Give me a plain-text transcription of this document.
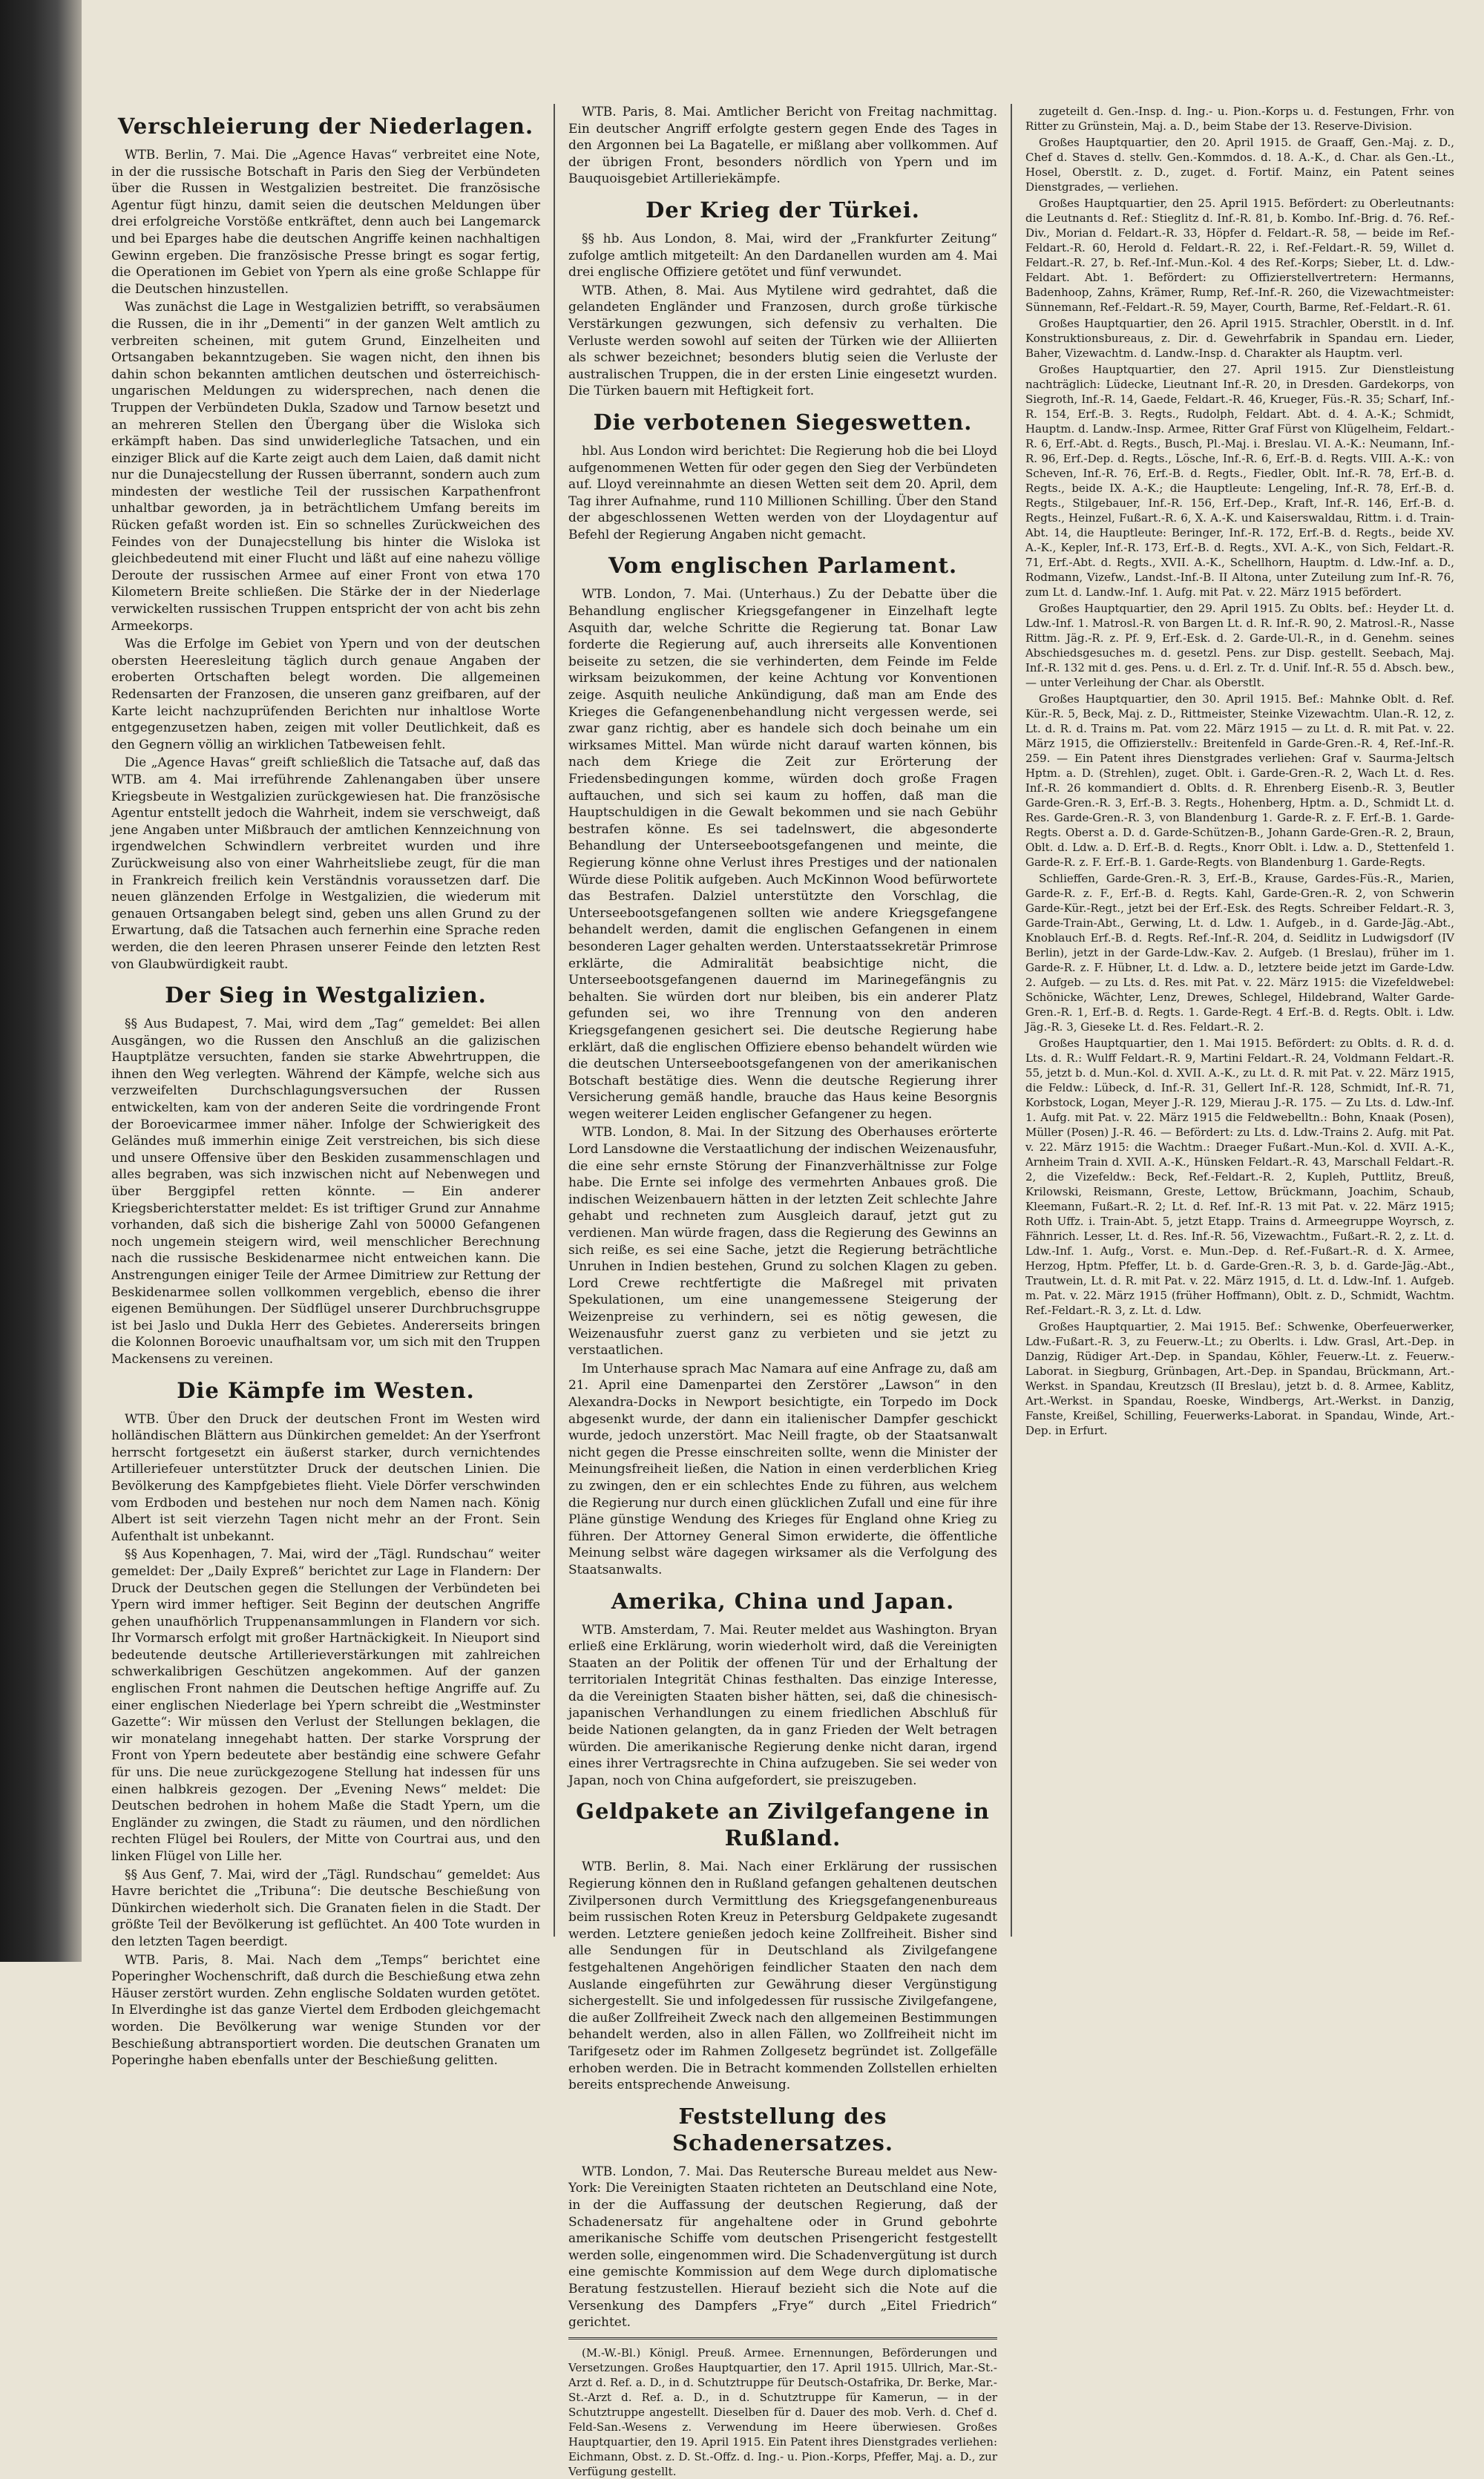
Verschleierung der Niederlagen.

WTB. Berlin, 7. Mai. Die „Agence Havas“ verbreitet eine Note, in der die russische Botschaft in Paris den Sieg der Verbündeten über die Russen in Westgalizien bestreitet. Die französische Agentur fügt hinzu, damit seien die deutschen Meldungen über drei erfolgreiche Vorstöße entkräftet, denn auch bei Langemarck und bei Eparges habe die deutschen Angriffe keinen nachhaltigen Gewinn ergeben. Die französische Presse bringt es sogar fertig, die Operationen im Gebiet von Ypern als eine große Schlappe für die Deutschen hinzustellen.

Was zunächst die Lage in Westgalizien betrifft, so verabsäumen die Russen, die in ihr „Dementi“ in der ganzen Welt amtlich zu verbreiten scheinen, mit gutem Grund, Einzelheiten und Ortsangaben bekanntzugeben. Sie wagen nicht, den ihnen bis dahin schon bekannten amtlichen deutschen und österreichisch-ungarischen Meldungen zu widersprechen, nach denen die Truppen der Verbündeten Dukla, Szadow und Tarnow besetzt und an mehreren Stellen den Übergang über die Wisloka sich erkämpft haben. Das sind unwiderlegliche Tatsachen, und ein einziger Blick auf die Karte zeigt auch dem Laien, daß damit nicht nur die Dunajecstellung der Russen überrannt, sondern auch zum mindesten der westliche Teil der russischen Karpathenfront unhaltbar geworden, ja in beträchtlichem Umfang bereits im Rücken gefaßt worden ist. Ein so schnelles Zurückweichen des Feindes von der Dunajecstellung bis hinter die Wisloka ist gleichbedeutend mit einer Flucht und läßt auf eine nahezu völlige Deroute der russischen Armee auf einer Front von etwa 170 Kilometern Breite schließen. Die Stärke der in der Niederlage verwickelten russischen Truppen entspricht der von acht bis zehn Armeekorps.

Was die Erfolge im Gebiet von Ypern und von der deutschen obersten Heeresleitung täglich durch genaue Angaben der eroberten Ortschaften belegt worden. Die allgemeinen Redensarten der Franzosen, die unseren ganz greifbaren, auf der Karte leicht nachzuprüfenden Berichten nur inhaltlose Worte entgegenzusetzen haben, zeigen mit voller Deutlichkeit, daß es den Gegnern völlig an wirklichen Tatbeweisen fehlt.

Die „Agence Havas“ greift schließlich die Tatsache auf, daß das WTB. am 4. Mai irreführende Zahlenangaben über unsere Kriegsbeute in Westgalizien zurückgewiesen hat. Die französische Agentur entstellt jedoch die Wahrheit, indem sie verschweigt, daß jene Angaben unter Mißbrauch der amtlichen Kennzeichnung von irgendwelchen Schwindlern verbreitet wurden und ihre Zurückweisung also von einer Wahrheitsliebe zeugt, für die man in Frankreich freilich kein Verständnis voraussetzen darf. Die neuen glänzenden Erfolge in Westgalizien, die wiederum mit genauen Ortsangaben belegt sind, geben uns allen Grund zu der Erwartung, daß die Tatsachen auch fernerhin eine Sprache reden werden, die den leeren Phrasen unserer Feinde den letzten Rest von Glaubwürdigkeit raubt.

Der Sieg in Westgalizien.

§§ Aus Budapest, 7. Mai, wird dem „Tag“ gemeldet: Bei allen Ausgängen, wo die Russen den Anschluß an die galizischen Hauptplätze versuchten, fanden sie starke Abwehrtruppen, die ihnen den Weg verlegten. Während der Kämpfe, welche sich aus verzweifelten Durchschlagungsversuchen der Russen entwickelten, kam von der anderen Seite die vordringende Front der Boroevicarmee immer näher. Infolge der Schwierigkeit des Geländes muß immerhin einige Zeit verstreichen, bis sich diese und unsere Offensive über den Beskiden zusammenschlagen und alles begraben, was sich inzwischen nicht auf Nebenwegen und über Berggipfel retten könnte. — Ein anderer Kriegsberichterstatter meldet: Es ist triftiger Grund zur Annahme vorhanden, daß sich die bisherige Zahl von 50000 Gefangenen noch ungemein steigern wird, weil menschlicher Berechnung nach die russische Beskidenarmee nicht entweichen kann. Die Anstrengungen einiger Teile der Armee Dimitriew zur Rettung der Beskidenarmee sollen vollkommen vergeblich, ebenso die ihrer eigenen Bemühungen. Der Südflügel unserer Durchbruchsgruppe ist bei Jaslo und Dukla Herr des Gebietes. Andererseits bringen die Kolonnen Boroevic unaufhaltsam vor, um sich mit den Truppen Mackensens zu vereinen.

Die Kämpfe im Westen.

WTB. Über den Druck der deutschen Front im Westen wird holländischen Blättern aus Dünkirchen gemeldet: An der Yserfront herrscht fortgesetzt ein äußerst starker, durch vernichtendes Artilleriefeuer unterstützter Druck der deutschen Linien. Die Bevölkerung des Kampfgebietes flieht. Viele Dörfer verschwinden vom Erdboden und bestehen nur noch dem Namen nach. König Albert ist seit vierzehn Tagen nicht mehr an der Front. Sein Aufenthalt ist unbekannt.

§§ Aus Kopenhagen, 7. Mai, wird der „Tägl. Rundschau“ weiter gemeldet: Der „Daily Expreß“ berichtet zur Lage in Flandern: Der Druck der Deutschen gegen die Stellungen der Verbündeten bei Ypern wird immer heftiger. Seit Beginn der deutschen Angriffe gehen unaufhörlich Truppenansammlungen in Flandern vor sich. Ihr Vormarsch erfolgt mit großer Hartnäckigkeit. In Nieuport sind bedeutende deutsche Artillerieverstärkungen mit zahlreichen schwerkalibrigen Geschützen angekommen. Auf der ganzen englischen Front nahmen die Deutschen heftige Angriffe auf. Zu einer englischen Niederlage bei Ypern schreibt die „Westminster Gazette“: Wir müssen den Verlust der Stellungen beklagen, die wir monatelang innegehabt hatten. Der starke Vorsprung der Front von Ypern bedeutete aber beständig eine schwere Gefahr für uns. Die neue zurückgezogene Stellung hat indessen für uns einen halbkreis gezogen. Der „Evening News“ meldet: Die Deutschen bedrohen in hohem Maße die Stadt Ypern, um die Engländer zu zwingen, die Stadt zu räumen, und den nördlichen rechten Flügel bei Roulers, der Mitte von Courtrai aus, und den linken Flügel von Lille her.

§§ Aus Genf, 7. Mai, wird der „Tägl. Rundschau“ gemeldet: Aus Havre berichtet die „Tribuna“: Die deutsche Beschießung von Dünkirchen wiederholt sich. Die Granaten fielen in die Stadt. Der größte Teil der Bevölkerung ist geflüchtet. An 400 Tote wurden in den letzten Tagen beerdigt.

WTB. Paris, 8. Mai. Nach dem „Temps“ berichtet eine Poperingher Wochenschrift, daß durch die Beschießung etwa zehn Häuser zerstört wurden. Zehn englische Soldaten wurden getötet. In Elverdinghe ist das ganze Viertel dem Erdboden gleichgemacht worden. Die Bevölkerung war wenige Stunden vor der Beschießung abtransportiert worden. Die deutschen Granaten um Poperinghe haben ebenfalls unter der Beschießung gelitten.

WTB. Paris, 8. Mai. Amtlicher Bericht von Freitag nachmittag. Ein deutscher Angriff erfolgte gestern gegen Ende des Tages in den Argonnen bei La Bagatelle, er mißlang aber vollkommen. Auf der übrigen Front, besonders nördlich von Ypern und im Bauquoisgebiet Artilleriekämpfe.

Der Krieg der Türkei.

§§ hb. Aus London, 8. Mai, wird der „Frankfurter Zeitung“ zufolge amtlich mitgeteilt: An den Dardanellen wurden am 4. Mai drei englische Offiziere getötet und fünf verwundet.

WTB. Athen, 8. Mai. Aus Mytilene wird gedrahtet, daß die gelandeten Engländer und Franzosen, durch große türkische Verstärkungen gezwungen, sich defensiv zu verhalten. Die Verluste werden sowohl auf seiten der Türken wie der Alliierten als schwer bezeichnet; besonders blutig seien die Verluste der australischen Truppen, die in der ersten Linie eingesetzt wurden. Die Türken bauern mit Heftigkeit fort.

Die verbotenen Siegeswetten.

hbl. Aus London wird berichtet: Die Regierung hob die bei Lloyd aufgenommenen Wetten für oder gegen den Sieg der Verbündeten auf. Lloyd vereinnahmte an diesen Wetten seit dem 20. April, dem Tag ihrer Aufnahme, rund 110 Millionen Schilling. Über den Stand der abgeschlossenen Wetten werden von der Lloydagentur auf Befehl der Regierung Angaben nicht gemacht.

Vom englischen Parlament.

WTB. London, 7. Mai. (Unterhaus.) Zu der Debatte über die Behandlung englischer Kriegsgefangener in Einzelhaft legte Asquith dar, welche Schritte die Regierung tat. Bonar Law forderte die Regierung auf, auch ihrerseits alle Konventionen beiseite zu setzen, die sie verhinderten, dem Feinde im Felde wirksam beizukommen, der keine Achtung vor Konventionen zeige. Asquith neuliche Ankündigung, daß man am Ende des Krieges die Gefangenenbehandlung nicht vergessen werde, sei zwar ganz richtig, aber es handele sich doch beinahe um ein wirksames Mittel. Man würde nicht darauf warten können, bis nach dem Kriege die Zeit zur Erörterung der Friedensbedingungen komme, würden doch große Fragen auftauchen, und sich sei kaum zu hoffen, daß man die Hauptschuldigen in die Gewalt bekommen und sie nach Gebühr bestrafen könne. Es sei tadelnswert, die abgesonderte Behandlung der Unterseebootsgefangenen und meinte, die Regierung könne ohne Verlust ihres Prestiges und der nationalen Würde diese Politik aufgeben. Auch McKinnon Wood befürwortete das Bestrafen. Dalziel unterstützte den Vorschlag, die Unterseebootsgefangenen sollten wie andere Kriegsgefangene behandelt werden, damit die englischen Gefangenen in einem besonderen Lager gehalten werden. Unterstaatssekretär Primrose erklärte, die Admiralität beabsichtige nicht, die Unterseebootsgefangenen dauernd im Marinegefängnis zu behalten. Sie würden dort nur bleiben, bis ein anderer Platz gefunden sei, wo ihre Trennung von den anderen Kriegsgefangenen gesichert sei. Die deutsche Regierung habe erklärt, daß die englischen Offiziere ebenso behandelt würden wie die deutschen Unterseebootsgefangenen von der amerikanischen Botschaft bestätige dies. Wenn die deutsche Regierung ihrer Versicherung gemäß handle, brauche das Haus keine Besorgnis wegen weiterer Leiden englischer Gefangener zu hegen.

WTB. London, 8. Mai. In der Sitzung des Oberhauses erörterte Lord Lansdowne die Verstaatlichung der indischen Weizenausfuhr, die eine sehr ernste Störung der Finanzverhältnisse zur Folge habe. Die Ernte sei infolge des vermehrten Anbaues groß. Die indischen Weizenbauern hätten in der letzten Zeit schlechte Jahre gehabt und rechneten zum Ausgleich darauf, jetzt gut zu verdienen. Man würde fragen, dass die Regierung des Gewinns an sich reiße, es sei eine Sache, jetzt die Regierung beträchtliche Unruhen in Indien bestehen, Grund zu solchen Klagen zu geben. Lord Crewe rechtfertigte die Maßregel mit privaten Spekulationen, um eine unangemessene Steigerung der Weizenpreise zu verhindern, sei es nötig gewesen, die Weizenausfuhr zuerst ganz zu verbieten und sie jetzt zu verstaatlichen.

Im Unterhause sprach Mac Namara auf eine Anfrage zu, daß am 21. April eine Damenpartei den Zerstörer „Lawson“ in den Alexandra-Docks in Newport besichtigte, ein Torpedo im Dock abgesenkt wurde, der dann ein italienischer Dampfer geschickt wurde, jedoch unzerstört. Mac Neill fragte, ob der Staatsanwalt nicht gegen die Presse einschreiten sollte, wenn die Minister der Meinungsfreiheit ließen, die Nation in einen verderblichen Krieg zu zwingen, den er ein schlechtes Ende zu führen, aus welchem die Regierung nur durch einen glücklichen Zufall und eine für ihre Pläne günstige Wendung des Krieges für England ohne Krieg zu führen. Der Attorney General Simon erwiderte, die öffentliche Meinung selbst wäre dagegen wirksamer als die Verfolgung des Staatsanwalts.

Amerika, China und Japan.

WTB. Amsterdam, 7. Mai. Reuter meldet aus Washington. Bryan erließ eine Erklärung, worin wiederholt wird, daß die Vereinigten Staaten an der Politik der offenen Tür und der Erhaltung der territorialen Integrität Chinas festhalten. Das einzige Interesse, da die Vereinigten Staaten bisher hätten, sei, daß die chinesisch-japanischen Verhandlungen zu einem friedlichen Abschluß für beide Nationen gelangten, da in ganz Frieden der Welt betragen würden. Die amerikanische Regierung denke nicht daran, irgend eines ihrer Vertragsrechte in China aufzugeben. Sie sei weder von Japan, noch von China aufgefordert, sie preiszugeben.

Geldpakete an Zivilgefangene in Rußland.

WTB. Berlin, 8. Mai. Nach einer Erklärung der russischen Regierung können den in Rußland gefangen gehaltenen deutschen Zivilpersonen durch Vermittlung des Kriegsgefangenenbureaus beim russischen Roten Kreuz in Petersburg Geldpakete zugesandt werden. Letztere genießen jedoch keine Zollfreiheit. Bisher sind alle Sendungen für in Deutschland als Zivilgefangene festgehaltenen Angehörigen feindlicher Staaten den nach dem Auslande eingeführten zur Gewährung dieser Vergünstigung sichergestellt. Sie und infolgedessen für russische Zivilgefangene, die außer Zollfreiheit Zweck nach den allgemeinen Bestimmungen behandelt werden, also in allen Fällen, wo Zollfreiheit nicht im Tarifgesetz oder im Rahmen Zollgesetz begründet ist. Zollgefälle erhoben werden. Die in Betracht kommenden Zollstellen erhielten bereits entsprechende Anweisung.

Feststellung des Schadenersatzes.

WTB. London, 7. Mai. Das Reutersche Bureau meldet aus New-York: Die Vereinigten Staaten richteten an Deutschland eine Note, in der die Auffassung der deutschen Regierung, daß der Schadenersatz für angehaltene oder in Grund gebohrte amerikanische Schiffe vom deutschen Prisengericht festgestellt werden solle, eingenommen wird. Die Schadenvergütung ist durch eine gemischte Kommission auf dem Wege durch diplomatische Beratung festzustellen. Hierauf bezieht sich die Note auf die Versenkung des Dampfers „Frye“ durch „Eitel Friedrich“ gerichtet.

(M.-W.-Bl.) Königl. Preuß. Armee. Ernennungen, Beförderungen und Versetzungen. Großes Hauptquartier, den 17. April 1915. Ullrich, Mar.-St.-Arzt d. Ref. a. D., in d. Schutztruppe für Deutsch-Ostafrika, Dr. Berke, Mar.-St.-Arzt d. Ref. a. D., in d. Schutztruppe für Kamerun, — in der Schutztruppe angestellt. Dieselben für d. Dauer des mob. Verh. d. Chef d. Feld-San.-Wesens z. Verwendung im Heere überwiesen. Großes Hauptquartier, den 19. April 1915. Ein Patent ihres Dienstgrades verliehen: Eichmann, Obst. z. D. St.-Offz. d. Ing.- u. Pion.-Korps, Pfeffer, Maj. a. D., zur Verfügung gestellt.

zugeteilt d. Gen.-Insp. d. Ing.- u. Pion.-Korps u. d. Festungen, Frhr. von Ritter zu Grünstein, Maj. a. D., beim Stabe der 13. Reserve-Division.

Großes Hauptquartier, den 20. April 1915. de Graaff, Gen.-Maj. z. D., Chef d. Staves d. stellv. Gen.-Kommdos. d. 18. A.-K., d. Char. als Gen.-Lt., Hosel, Oberstlt. z. D., zuget. d. Fortif. Mainz, ein Patent seines Dienstgrades, — verliehen.

Großes Hauptquartier, den 25. April 1915. Befördert: zu Oberleutnants: die Leutnants d. Ref.: Stieglitz d. Inf.-R. 81, b. Kombo. Inf.-Brig. d. 76. Ref.-Div., Morian d. Feldart.-R. 33, Höpfer d. Feldart.-R. 58, — beide im Ref.-Feldart.-R. 60, Herold d. Feldart.-R. 22, i. Ref.-Feldart.-R. 59, Willet d. Feldart.-R. 27, b. Ref.-Inf.-Mun.-Kol. 4 des Ref.-Korps; Sieber, Lt. d. Ldw.-Feldart. Abt. 1. Befördert: zu Offizierstellvertretern: Hermanns, Badenhoop, Zahns, Krämer, Rump, Ref.-Inf.-R. 260, die Vizewachtmeister: Sünnemann, Ref.-Feldart.-R. 59, Mayer, Courth, Barme, Ref.-Feldart.-R. 61.

Großes Hauptquartier, den 26. April 1915. Strachler, Oberstlt. in d. Inf. Konstruktionsbureaus, z. Dir. d. Gewehrfabrik in Spandau ern. Lieder, Baher, Vizewachtm. d. Landw.-Insp. d. Charakter als Hauptm. verl.

Großes Hauptquartier, den 27. April 1915. Zur Dienstleistung nachträglich: Lüdecke, Lieutnant Inf.-R. 20, in Dresden. Gardekorps, von Siegroth, Inf.-R. 14, Gaede, Feldart.-R. 46, Krueger, Füs.-R. 35; Scharf, Inf.-R. 154, Erf.-B. 3. Regts., Rudolph, Feldart. Abt. d. 4. A.-K.; Schmidt, Hauptm. d. Landw.-Insp. Armee, Ritter Graf Fürst von Klügelheim, Feldart.-R. 6, Erf.-Abt. d. Regts., Busch, Pl.-Maj. i. Breslau. VI. A.-K.: Neumann, Inf.-R. 96, Erf.-Dep. d. Regts., Lösche, Inf.-R. 6, Erf.-B. d. Regts. VIII. A.-K.: von Scheven, Inf.-R. 76, Erf.-B. d. Regts., Fiedler, Oblt. Inf.-R. 78, Erf.-B. d. Regts., beide IX. A.-K.; die Hauptleute: Lengeling, Inf.-R. 78, Erf.-B. d. Regts., Stilgebauer, Inf.-R. 156, Erf.-Dep., Kraft, Inf.-R. 146, Erf.-B. d. Regts., Heinzel, Fußart.-R. 6, X. A.-K. und Kaiserswaldau, Rittm. i. d. Train-Abt. 14, die Hauptleute: Beringer, Inf.-R. 172, Erf.-B. d. Regts., beide XV. A.-K., Kepler, Inf.-R. 173, Erf.-B. d. Regts., XVI. A.-K., von Sich, Feldart.-R. 71, Erf.-Abt. d. Regts., XVII. A.-K., Schellhorn, Hauptm. d. Ldw.-Inf. a. D., Rodmann, Vizefw., Landst.-Inf.-B. II Altona, unter Zuteilung zum Inf.-R. 76, zum Lt. d. Landw.-Inf. 1. Aufg. mit Pat. v. 22. März 1915 befördert.

Großes Hauptquartier, den 29. April 1915. Zu Oblts. bef.: Heyder Lt. d. Ldw.-Inf. 1. Matrosl.-R. von Bargen Lt. d. R. Inf.-R. 90, 2. Matrosl.-R., Nasse Rittm. Jäg.-R. z. Pf. 9, Erf.-Esk. d. 2. Garde-Ul.-R., in d. Genehm. seines Abschiedsgesuches m. d. gesetzl. Pens. zur Disp. gestellt. Seebach, Maj. Inf.-R. 132 mit d. ges. Pens. u. d. Erl. z. Tr. d. Unif. Inf.-R. 55 d. Absch. bew., — unter Verleihung der Char. als Oberstlt.

Großes Hauptquartier, den 30. April 1915. Bef.: Mahnke Oblt. d. Ref. Kür.-R. 5, Beck, Maj. z. D., Rittmeister, Steinke Vizewachtm. Ulan.-R. 12, z. Lt. d. R. d. Trains m. Pat. vom 22. März 1915 — zu Lt. d. R. mit Pat. v. 22. März 1915, die Offizierstellv.: Breitenfeld in Garde-Gren.-R. 4, Ref.-Inf.-R. 259. — Ein Patent ihres Dienstgrades verliehen: Graf v. Saurma-Jeltsch Hptm. a. D. (Strehlen), zuget. Oblt. i. Garde-Gren.-R. 2, Wach Lt. d. Res. Inf.-R. 26 kommandiert d. Oblts. d. R. Ehrenberg Eisenb.-R. 3, Beutler Garde-Gren.-R. 3, Erf.-B. 3. Regts., Hohenberg, Hptm. a. D., Schmidt Lt. d. Res. Garde-Gren.-R. 3, von Blandenburg 1. Garde-R. z. F. Erf.-B. 1. Garde-Regts. Oberst a. D. d. Garde-Schützen-B., Johann Garde-Gren.-R. 2, Braun, Oblt. d. Ldw. a. D. Erf.-B. d. Regts., Knorr Oblt. i. Ldw. a. D., Stettenfeld 1. Garde-R. z. F. Erf.-B. 1. Garde-Regts. von Blandenburg 1. Garde-Regts.

Schlieffen, Garde-Gren.-R. 3, Erf.-B., Krause, Gardes-Füs.-R., Marien, Garde-R. z. F., Erf.-B. d. Regts. Kahl, Garde-Gren.-R. 2, von Schwerin Garde-Kür.-Regt., jetzt bei der Erf.-Esk. des Regts. Schreiber Feldart.-R. 3, Garde-Train-Abt., Gerwing, Lt. d. Ldw. 1. Aufgeb., in d. Garde-Jäg.-Abt., Knoblauch Erf.-B. d. Regts. Ref.-Inf.-R. 204, d. Seidlitz in Ludwigsdorf (IV Berlin), jetzt in der Garde-Ldw.-Kav. 2. Aufgeb. (1 Breslau), früher im 1. Garde-R. z. F. Hübner, Lt. d. Ldw. a. D., letztere beide jetzt im Garde-Ldw. 2. Aufgeb. — zu Lts. d. Res. mit Pat. v. 22. März 1915: die Vizefeldwebel: Schönicke, Wächter, Lenz, Drewes, Schlegel, Hildebrand, Walter Garde-Gren.-R. 1, Erf.-B. d. Regts. 1. Garde-Regt. 4 Erf.-B. d. Regts. Oblt. i. Ldw. Jäg.-R. 3, Gieseke Lt. d. Res. Feldart.-R. 2.

Großes Hauptquartier, den 1. Mai 1915. Befördert: zu Oblts. d. R. d. d. Lts. d. R.: Wulff Feldart.-R. 9, Martini Feldart.-R. 24, Voldmann Feldart.-R. 55, jetzt b. d. Mun.-Kol. d. XVII. A.-K., zu Lt. d. R. mit Pat. v. 22. März 1915, die Feldw.: Lübeck, d. Inf.-R. 31, Gellert Inf.-R. 128, Schmidt, Inf.-R. 71, Korbstock, Logan, Meyer J.-R. 129, Mierau J.-R. 175. — Zu Lts. d. Ldw.-Inf. 1. Aufg. mit Pat. v. 22. März 1915 die Feldwebelltn.: Bohn, Knaak (Posen), Müller (Posen) J.-R. 46. — Befördert: zu Lts. d. Ldw.-Trains 2. Aufg. mit Pat. v. 22. März 1915: die Wachtm.: Draeger Fußart.-Mun.-Kol. d. XVII. A.-K., Arnheim Train d. XVII. A.-K., Hünsken Feldart.-R. 43, Marschall Feldart.-R. 2, die Vizefeldw.: Beck, Ref.-Feldart.-R. 2, Kupleh, Puttlitz, Breuß, Krilowski, Reismann, Greste, Lettow, Brückmann, Joachim, Schaub, Kleemann, Fußart.-R. 2; Lt. d. Ref. Inf.-R. 13 mit Pat. v. 22. März 1915; Roth Uffz. i. Train-Abt. 5, jetzt Etapp. Trains d. Armeegruppe Woyrsch, z. Fähnrich. Lesser, Lt. d. Res. Inf.-R. 56, Vizewachtm., Fußart.-R. 2, z. Lt. d. Ldw.-Inf. 1. Aufg., Vorst. e. Mun.-Dep. d. Ref.-Fußart.-R. d. X. Armee, Herzog, Hptm. Pfeffer, Lt. b. d. Garde-Gren.-R. 3, b. d. Garde-Jäg.-Abt., Trautwein, Lt. d. R. mit Pat. v. 22. März 1915, d. Lt. d. Ldw.-Inf. 1. Aufgeb. m. Pat. v. 22. März 1915 (früher Hoffmann), Oblt. z. D., Schmidt, Wachtm. Ref.-Feldart.-R. 3, z. Lt. d. Ldw.

Großes Hauptquartier, 2. Mai 1915. Bef.: Schwenke, Oberfeuerwerker, Ldw.-Fußart.-R. 3, zu Feuerw.-Lt.; zu Oberlts. i. Ldw. Grasl, Art.-Dep. in Danzig, Rüdiger Art.-Dep. in Spandau, Köhler, Feuerw.-Lt. z. Feuerw.-Laborat. in Siegburg, Grünbagen, Art.-Dep. in Spandau, Brückmann, Art.-Werkst. in Spandau, Kreutzsch (II Breslau), jetzt b. d. 8. Armee, Kablitz, Art.-Werkst. in Spandau, Roeske, Windbergs, Art.-Werkst. in Danzig, Fanste, Kreißel, Schilling, Feuerwerks-Laborat. in Spandau, Winde, Art.-Dep. in Erfurt.
